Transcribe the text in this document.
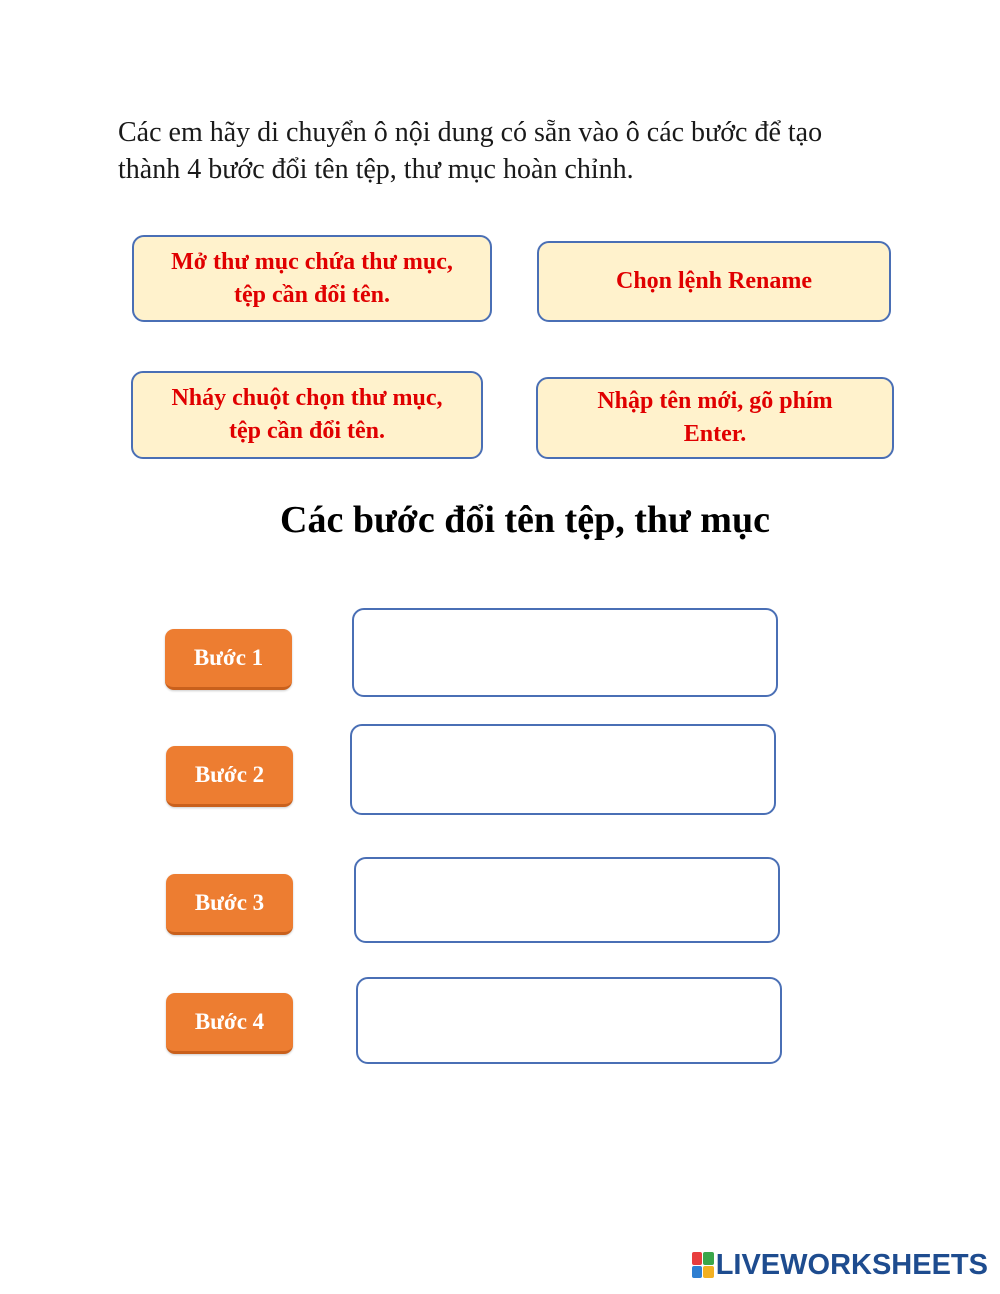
Các em hãy di chuyển ô nội dung có sẵn vào ô các bước để tạo
thành 4 bước đổi tên tệp, thư mục hoàn chỉnh.
Mở thư mục chứa thư mục,
tệp cần đổi tên.
Chọn lệnh Rename
Nháy chuột chọn thư mục,
tệp cần đổi tên.
Nhập tên mới, gõ phím
Enter.
Các bước đổi tên tệp, thư mục
Bước 1
Bước 2
Bước 3
Bước 4
LIVEWORKSHEETS
